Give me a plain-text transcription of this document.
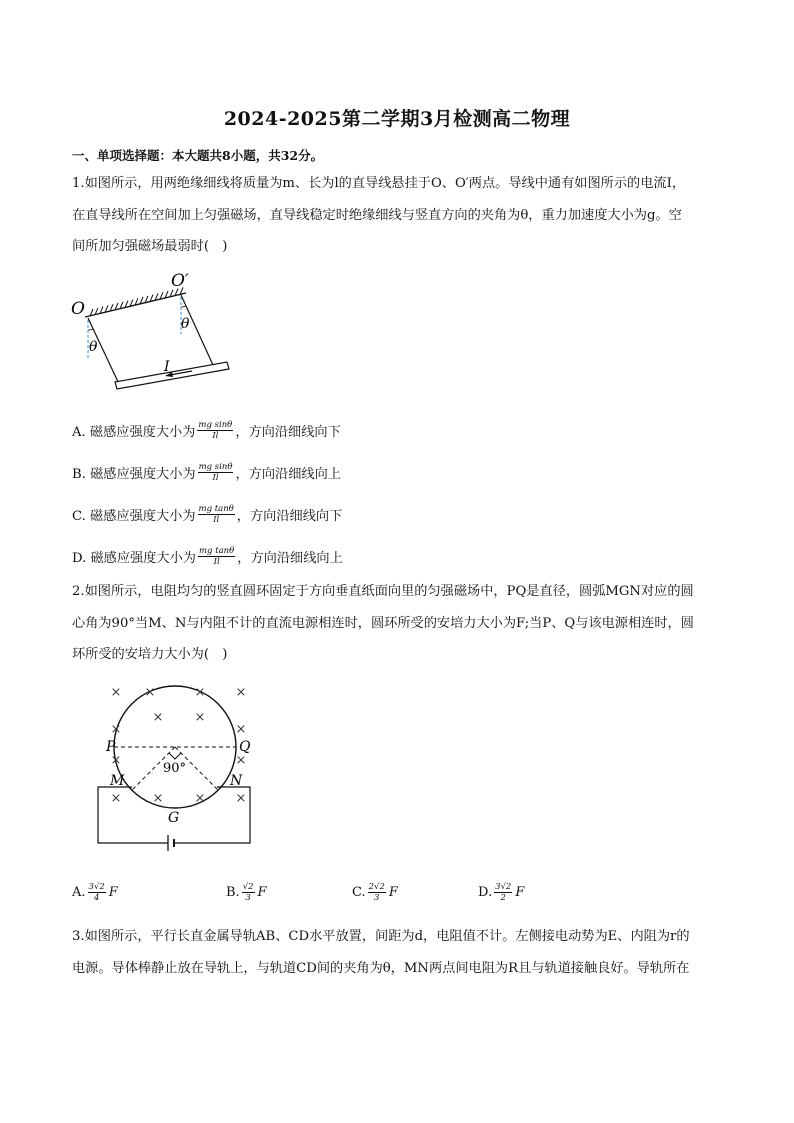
2024-2025第二学期3月检测高二物理
一、单项选择题：本大题共8小题，共32分。
1.如图所示，用两绝缘细线将质量为m、长为l的直导线悬挂于O、O′两点。导线中通有如图所示的电流I，
在直导线所在空间加上匀强磁场，直导线稳定时绝缘细线与竖直方向的夹角为θ，重力加速度大小为g。空
间所加匀强磁场最弱时(　)
O
O′
θ
θ
I
A. 磁感应强度大小为 $\frac{\text{mg sinθ}}{Il}$ ，方向沿细线向下
B. 磁感应强度大小为 $\frac{\text{mg sinθ}}{Il}$ ，方向沿细线向上
C. 磁感应强度大小为 $\frac{\text{mg tanθ}}{Il}$ ，方向沿细线向下
D. 磁感应强度大小为 $\frac{\text{mg tanθ}}{Il}$ ，方向沿细线向上
2.如图所示，电阻均匀的竖直圆环固定于方向垂直纸面向里的匀强磁场中，PQ是直径，圆弧MGN对应的圆
心角为90°当M、N与内阻不计的直流电源相连时，圆环所受的安培力大小为F;当P、Q与该电源相连时，圆
环所受的安培力大小为(　)
× ×	× ×
×
× ×
×
×	×
× × × ×
P	Q
M	N
G
90°
A. $\frac{3√2}{4}$ F	B. $\frac{√2}{3}$ F	C. $\frac{2√2}{3}$ F	D. $\frac{3√2}{2}$ F
3.如图所示，平行长直金属导轨AB、CD水平放置，间距为d，电阻值不计。左侧接电动势为E、内阻为r的
电源。导体棒静止放在导轨上，与轨道CD间的夹角为θ，MN两点间电阻为R且与轨道接触良好。导轨所在
